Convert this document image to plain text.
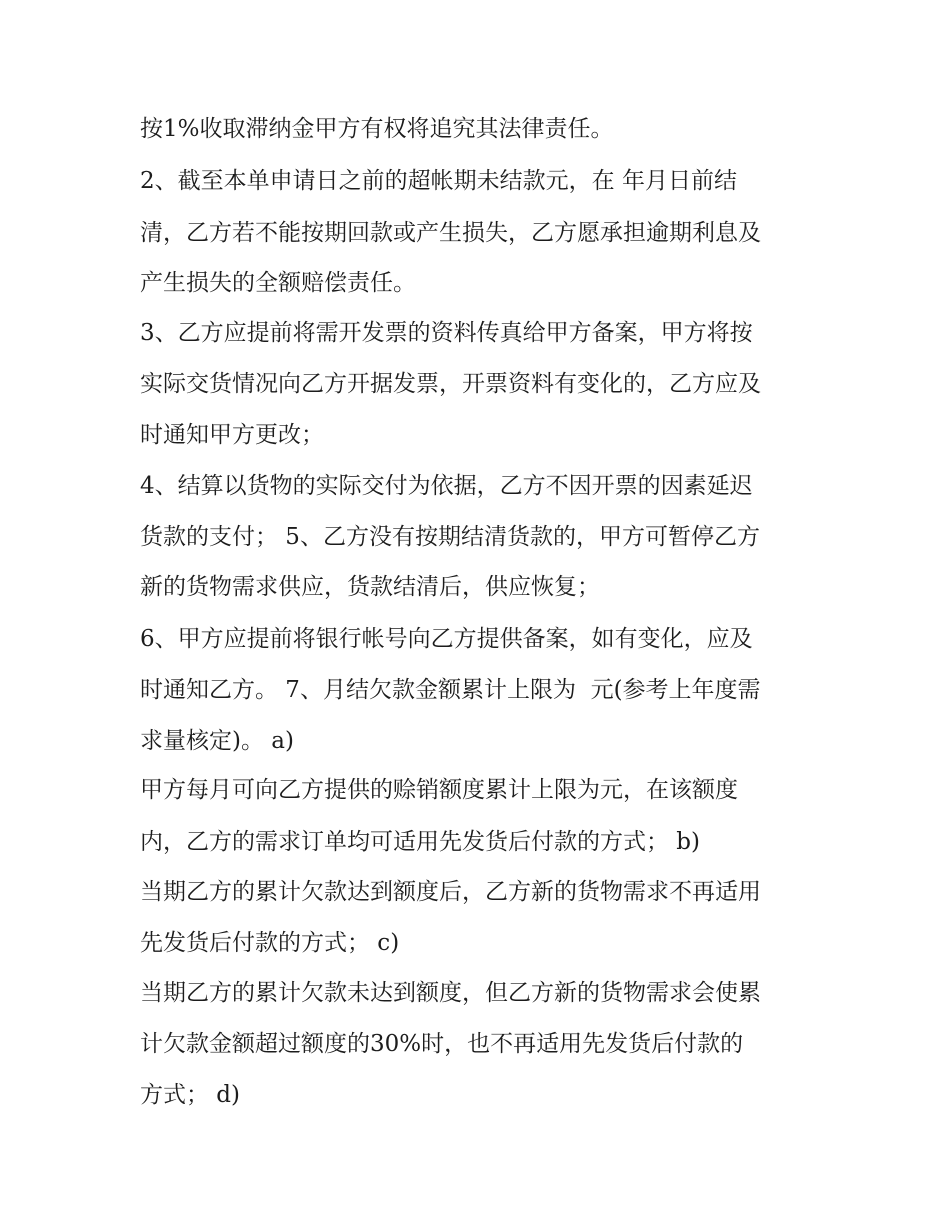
按1%收取滞纳金甲方有权将追究其法律责任。

2、截至本单申请日之前的超帐期未结款元，在 年月日前结

清，乙方若不能按期回款或产生损失，乙方愿承担逾期利息及

产生损失的全额赔偿责任。

3、乙方应提前将需开发票的资料传真给甲方备案，甲方将按

实际交货情况向乙方开据发票，开票资料有变化的，乙方应及

时通知甲方更改；

4、结算以货物的实际交付为依据，乙方不因开票的因素延迟

货款的支付； 5、乙方没有按期结清货款的，甲方可暂停乙方

新的货物需求供应，货款结清后，供应恢复；

6、甲方应提前将银行帐号向乙方提供备案，如有变化，应及

时通知乙方。 7、月结欠款金额累计上限为  元(参考上年度需

求量核定)。 a)

甲方每月可向乙方提供的赊销额度累计上限为元，在该额度

内，乙方的需求订单均可适用先发货后付款的方式； b)

当期乙方的累计欠款达到额度后，乙方新的货物需求不再适用

先发货后付款的方式； c)

当期乙方的累计欠款未达到额度，但乙方新的货物需求会使累

计欠款金额超过额度的30%时，也不再适用先发货后付款的

方式； d)
